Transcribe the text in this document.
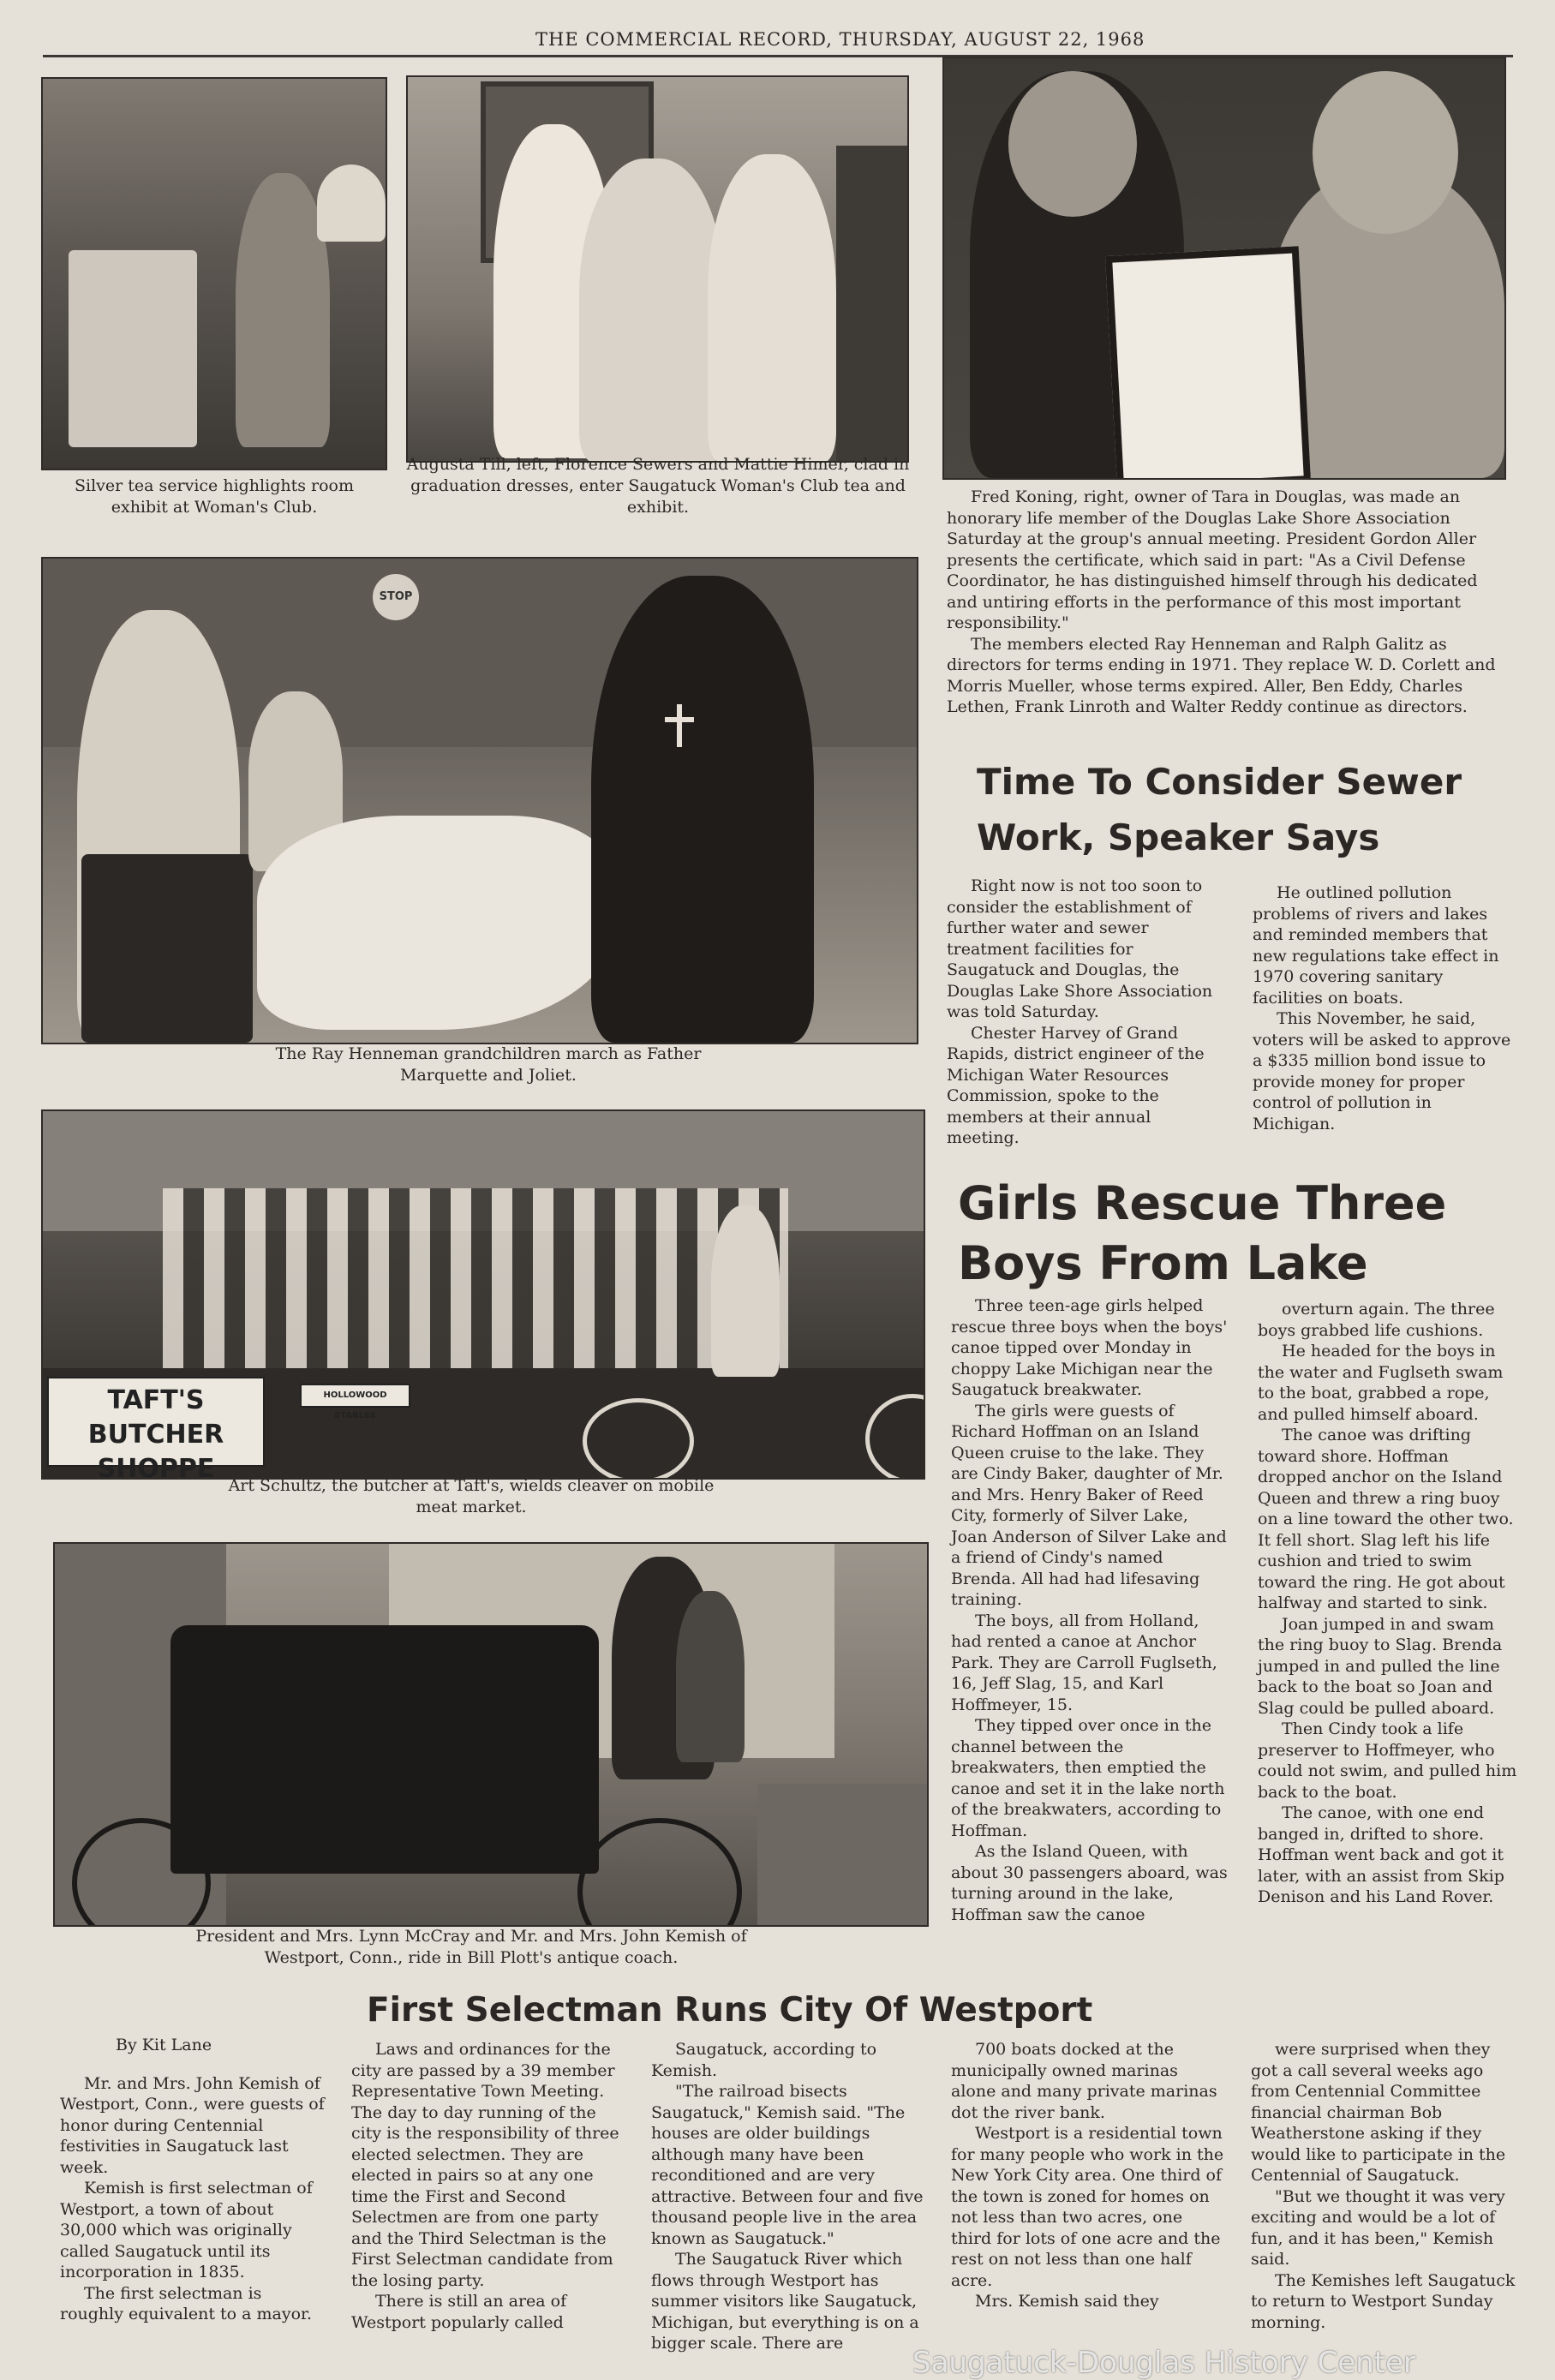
THE COMMERCIAL RECORD, THURSDAY, AUGUST 22, 1968
Silver tea service highlights room exhibit at Woman's Club.
Augusta Till, left, Florence Sewers and Mattie Himer, clad in graduation dresses, enter Saugatuck Woman's Club tea and exhibit.

Fred Koning, right, owner of Tara in Douglas, was made an honorary life member of the Douglas Lake Shore Association Saturday at the group's annual meeting. President Gordon Aller presents the certificate, which said in part: "As a Civil Defense Coordinator, he has distinguished himself through his dedicated and untiring efforts in the performance of this most important responsibility."

The members elected Ray Henneman and Ralph Galitz as directors for terms ending in 1971. They replace W. D. Corlett and Morris Mueller, whose terms expired. Aller, Ben Eddy, Charles Lethen, Frank Linroth and Walter Reddy continue as directors.

STOP
The Ray Henneman grandchildren march as Father Marquette and Joliet.
TAFT'S BUTCHER SHOPPE
HOLLOWOOD STABLES
Art Schultz, the butcher at Taft's, wields cleaver on mobile meat market.
President and Mrs. Lynn McCray and Mr. and Mrs. John Kemish of Westport, Conn., ride in Bill Plott's antique coach.
Time To Consider Sewer Work, Speaker Says

Right now is not too soon to consider the establishment of further water and sewer treatment facilities for Saugatuck and Douglas, the Douglas Lake Shore Association was told Saturday.

Chester Harvey of Grand Rapids, district engineer of the Michigan Water Resources Commission, spoke to the members at their annual meeting.

He outlined pollution problems of rivers and lakes and reminded members that new regulations take effect in 1970 covering sanitary facilities on boats.

This November, he said, voters will be asked to approve a $335 million bond issue to provide money for proper control of pollution in Michigan.

Girls Rescue Three Boys From Lake

Three teen-age girls helped rescue three boys when the boys' canoe tipped over Monday in choppy Lake Michigan near the Saugatuck breakwater.

The girls were guests of Richard Hoffman on an Island Queen cruise to the lake. They are Cindy Baker, daughter of Mr. and Mrs. Henry Baker of Reed City, formerly of Silver Lake, Joan Anderson of Silver Lake and a friend of Cindy's named Brenda. All had had lifesaving training.

The boys, all from Holland, had rented a canoe at Anchor Park. They are Carroll Fuglseth, 16, Jeff Slag, 15, and Karl Hoffmeyer, 15.

They tipped over once in the channel between the breakwaters, then emptied the canoe and set it in the lake north of the breakwaters, according to Hoffman.

As the Island Queen, with about 30 passengers aboard, was turning around in the lake, Hoffman saw the canoe

overturn again. The three boys grabbed life cushions.

He headed for the boys in the water and Fuglseth swam to the boat, grabbed a rope, and pulled himself aboard.

The canoe was drifting toward shore. Hoffman dropped anchor on the Island Queen and threw a ring buoy on a line toward the other two. It fell short. Slag left his life cushion and tried to swim toward the ring. He got about halfway and started to sink.

Joan jumped in and swam the ring buoy to Slag. Brenda jumped in and pulled the line back to the boat so Joan and Slag could be pulled aboard.

Then Cindy took a life preserver to Hoffmeyer, who could not swim, and pulled him back to the boat.

The canoe, with one end banged in, drifted to shore. Hoffman went back and got it later, with an assist from Skip Denison and his Land Rover.

First Selectman Runs City Of Westport
By Kit Lane

Mr. and Mrs. John Kemish of Westport, Conn., were guests of honor during Centennial festivities in Saugatuck last week.

Kemish is first selectman of Westport, a town of about 30,000 which was originally called Saugatuck until its incorporation in 1835.

The first selectman is roughly equivalent to a mayor.

Laws and ordinances for the city are passed by a 39 member Representative Town Meeting. The day to day running of the city is the responsibility of three elected selectmen. They are elected in pairs so at any one time the First and Second Selectmen are from one party and the Third Selectman is the First Selectman candidate from the losing party.

There is still an area of Westport popularly called

Saugatuck, according to Kemish.

"The railroad bisects Saugatuck," Kemish said. "The houses are older buildings although many have been reconditioned and are very attractive. Between four and five thousand people live in the area known as Saugatuck."

The Saugatuck River which flows through Westport has summer visitors like Saugatuck, Michigan, but everything is on a bigger scale. There are

700 boats docked at the municipally owned marinas alone and many private marinas dot the river bank.

Westport is a residential town for many people who work in the New York City area. One third of the town is zoned for homes on not less than two acres, one third for lots of one acre and the rest on not less than one half acre.

Mrs. Kemish said they

were surprised when they got a call several weeks ago from Centennial Committee financial chairman Bob Weatherstone asking if they would like to participate in the Centennial of Saugatuck.

"But we thought it was very exciting and would be a lot of fun, and it has been," Kemish said.

The Kemishes left Saugatuck to return to Westport Sunday morning.

Saugatuck-Douglas History Center
